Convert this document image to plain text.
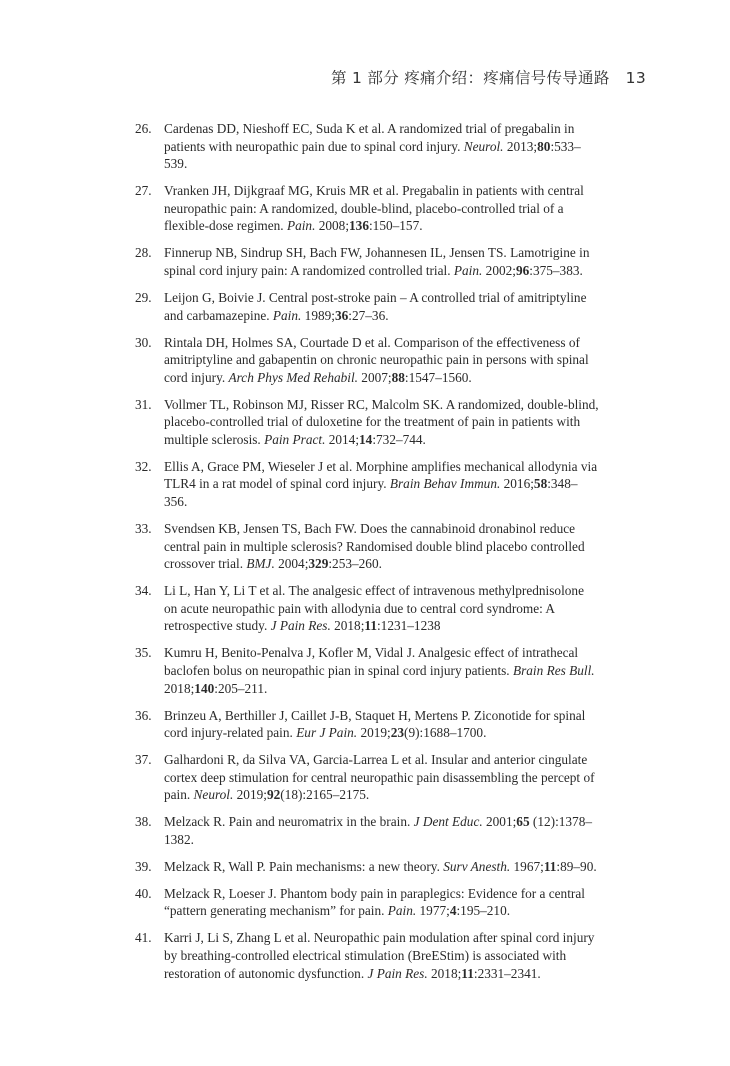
第 1 部分 疼痛介绍：疼痛信号传导通路 13
26. Cardenas DD, Nieshoff EC, Suda K et al. A randomized trial of pregabalin in patients with neuropathic pain due to spinal cord injury. Neurol. 2013;80:533–539.
27. Vranken JH, Dijkgraaf MG, Kruis MR et al. Pregabalin in patients with central neuropathic pain: A randomized, double-blind, placebo-controlled trial of a flexible-dose regimen. Pain. 2008;136:150–157.
28. Finnerup NB, Sindrup SH, Bach FW, Johannesen IL, Jensen TS. Lamotrigine in spinal cord injury pain: A randomized controlled trial. Pain. 2002;96:375–383.
29. Leijon G, Boivie J. Central post-stroke pain – A controlled trial of amitriptyline and carbamazepine. Pain. 1989;36:27–36.
30. Rintala DH, Holmes SA, Courtade D et al. Comparison of the effectiveness of amitriptyline and gabapentin on chronic neuropathic pain in persons with spinal cord injury. Arch Phys Med Rehabil. 2007;88:1547–1560.
31. Vollmer TL, Robinson MJ, Risser RC, Malcolm SK. A randomized, double-blind, placebo-controlled trial of duloxetine for the treatment of pain in patients with multiple sclerosis. Pain Pract. 2014;14:732–744.
32. Ellis A, Grace PM, Wieseler J et al. Morphine amplifies mechanical allodynia via TLR4 in a rat model of spinal cord injury. Brain Behav Immun. 2016;58:348–356.
33. Svendsen KB, Jensen TS, Bach FW. Does the cannabinoid dronabinol reduce central pain in multiple sclerosis? Randomised double blind placebo controlled crossover trial. BMJ. 2004;329:253–260.
34. Li L, Han Y, Li T et al. The analgesic effect of intravenous methylprednisolone on acute neuropathic pain with allodynia due to central cord syndrome: A retrospective study. J Pain Res. 2018;11:1231–1238
35. Kumru H, Benito-Penalva J, Kofler M, Vidal J. Analgesic effect of intrathecal baclofen bolus on neuropathic pian in spinal cord injury patients. Brain Res Bull. 2018;140:205–211.
36. Brinzeu A, Berthiller J, Caillet J-B, Staquet H, Mertens P. Ziconotide for spinal cord injury-related pain. Eur J Pain. 2019;23(9):1688–1700.
37. Galhardoni R, da Silva VA, Garcia-Larrea L et al. Insular and anterior cingulate cortex deep stimulation for central neuropathic pain disassembling the percept of pain. Neurol. 2019;92(18):2165–2175.
38. Melzack R. Pain and neuromatrix in the brain. J Dent Educ. 2001;65 (12):1378–1382.
39. Melzack R, Wall P. Pain mechanisms: a new theory. Surv Anesth. 1967;11:89–90.
40. Melzack R, Loeser J. Phantom body pain in paraplegics: Evidence for a central “pattern generating mechanism” for pain. Pain. 1977;4:195–210.
41. Karri J, Li S, Zhang L et al. Neuropathic pain modulation after spinal cord injury by breathing-controlled electrical stimulation (BreEStim) is associated with restoration of autonomic dysfunction. J Pain Res. 2018;11:2331–2341.
